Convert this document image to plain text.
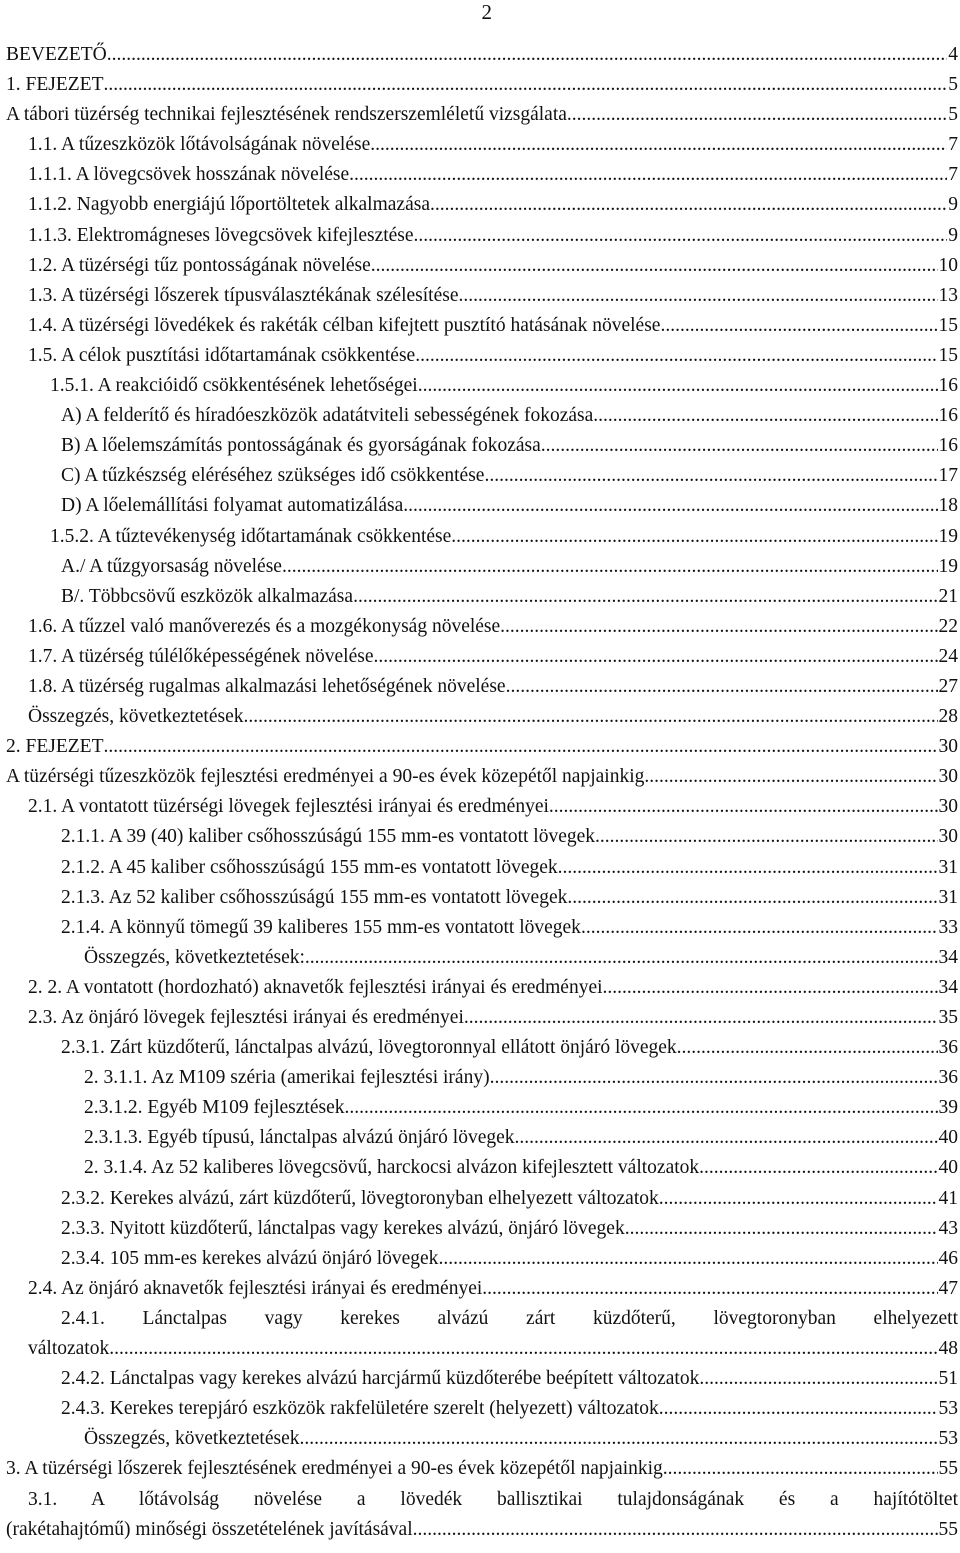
2
BEVEZETŐ .....	4
1. FEJEZET .....	5
A tábori tüzérség technikai fejlesztésének rendszerszemléletű vizsgálata .....	5
1.1. A tűzeszközök lőtávolságának növelése .....	7
1.1.1. A lövegcsövek hosszának növelése .....	7
1.1.2. Nagyobb energiájú lőportöltetek alkalmazása .....	9
1.1.3. Elektromágneses lövegcsövek kifejlesztése .....	9
1.2. A tüzérségi tűz pontosságának növelése .....	10
1.3. A tüzérségi lőszerek típusválasztékának szélesítése .....	13
1.4. A tüzérségi lövedékek és rakéták célban kifejtett pusztító hatásának növelése .....	15
1.5. A célok pusztítási időtartamának csökkentése .....	15
1.5.1. A reakcióidő csökkentésének lehetőségei .....	16
A) A felderítő és híradóeszközök adatátviteli sebességének fokozása .....	16
B) A lőelemszámítás pontosságának és gyorságának fokozása .....	16
C) A tűzkészség eléréséhez szükséges idő csökkentése .....	17
D) A lőelemállítási folyamat automatizálása .....	18
1.5.2. A tűztevékenység időtartamának csökkentése .....	19
A./ A tűzgyorsaság növelése .....	19
B/. Többcsövű eszközök alkalmazása .....	21
1.6. A tűzzel való manőverezés és a mozgékonyság növelése .....	22
1.7. A tüzérség túlélőképességének növelése .....	24
1.8. A tüzérség rugalmas alkalmazási lehetőségének növelése .....	27
Összegzés, következtetések .....	28
2. FEJEZET .....	30
A tüzérségi tűzeszközök fejlesztési eredményei a 90-es évek közepétől napjainkig .....	30
2.1. A vontatott tüzérségi lövegek fejlesztési irányai és eredményei .....	30
2.1.1. A 39 (40) kaliber csőhosszúságú 155 mm-es vontatott lövegek .....	30
2.1.2. A 45 kaliber csőhosszúságú 155 mm-es vontatott lövegek .....	31
2.1.3. Az 52 kaliber csőhosszúságú 155 mm-es vontatott lövegek .....	31
2.1.4. A könnyű tömegű 39 kaliberes 155 mm-es vontatott lövegek .....	33
Összegzés, következtetések: .....	34
2. 2. A vontatott (hordozható) aknavetők fejlesztési irányai és eredményei .....	34
2.3. Az önjáró lövegek fejlesztési irányai és eredményei .....	35
2.3.1. Zárt küzdőterű, lánctalpas alvázú, lövegtoronnyal ellátott önjáró lövegek .....	36
2. 3.1.1. Az M109 széria (amerikai fejlesztési irány) .....	36
2.3.1.2. Egyéb M109 fejlesztések .....	39
2.3.1.3. Egyéb típusú, lánctalpas alvázú önjáró lövegek .....	40
2. 3.1.4. Az 52 kaliberes lövegcsövű, harckocsi alvázon kifejlesztett változatok .....	40
2.3.2. Kerekes alvázú, zárt küzdőterű, lövegtoronyban elhelyezett változatok .....	41
2.3.3. Nyitott küzdőterű, lánctalpas vagy kerekes alvázú, önjáró lövegek .....	43
2.3.4. 105 mm-es kerekes alvázú önjáró lövegek .....	46
2.4. Az önjáró aknavetők fejlesztési irányai és eredményei .....	47
2.4.1. Lánctalpas vagy kerekes alvázú zárt küzdőterű, lövegtoronyban elhelyezett
változatok .....	48
2.4.2. Lánctalpas vagy kerekes alvázú harcjármű küzdőterébe beépített változatok .....	51
2.4.3. Kerekes terepjáró eszközök rakfelületére szerelt (helyezett) változatok .....	53
Összegzés, következtetések .....	53
3. A tüzérségi lőszerek fejlesztésének eredményei a 90-es évek közepétől napjainkig .....	55
3.1. A lőtávolság növelése a lövedék ballisztikai tulajdonságának és a hajítótöltet
(rakétahajtómű) minőségi összetételének javításával .....	55
